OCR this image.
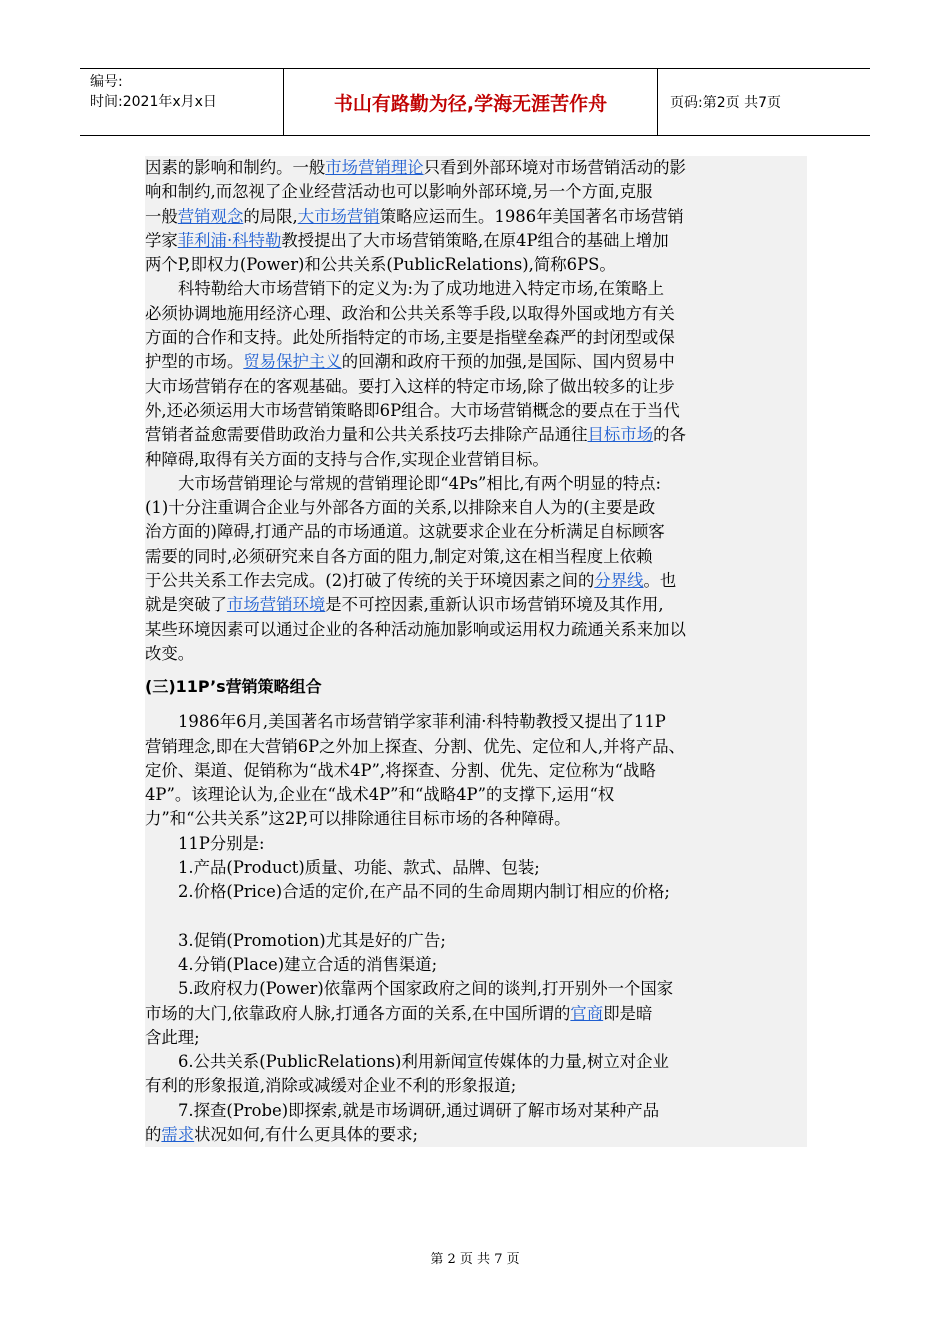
编号:
时间:2021年x月x日	书山有路勤为径,学海无涯苦作舟	页码:第2页 共7页
因素的影响和制约。一般市场营销理论只看到外部环境对市场营销活动的影
响和制约,而忽视了企业经营活动也可以影响外部环境,另一个方面,克服
一般营销观念的局限,大市场营销策略应运而生。1986年美国著名市场营销
学家菲利浦·科特勒教授提出了大市场营销策略,在原4P组合的基础上增加
两个P,即权力(Power)和公共关系(PublicRelations),简称6PS。
科特勒给大市场营销下的定义为:为了成功地进入特定市场,在策略上
必须协调地施用经济心理、政治和公共关系等手段,以取得外国或地方有关
方面的合作和支持。此处所指特定的市场,主要是指壁垒森严的封闭型或保
护型的市场。贸易保护主义的回潮和政府干预的加强,是国际、国内贸易中
大市场营销存在的客观基础。要打入这样的特定市场,除了做出较多的让步
外,还必须运用大市场营销策略即6P组合。大市场营销概念的要点在于当代
营销者益愈需要借助政治力量和公共关系技巧去排除产品通往目标市场的各
种障碍,取得有关方面的支持与合作,实现企业营销目标。
大市场营销理论与常规的营销理论即“4Ps”相比,有两个明显的特点:
(1)十分注重调合企业与外部各方面的关系,以排除来自人为的(主要是政
治方面的)障碍,打通产品的市场通道。这就要求企业在分析满足自标顾客
需要的同时,必须研究来自各方面的阻力,制定对策,这在相当程度上依赖
于公共关系工作去完成。(2)打破了传统的关于环境因素之间的分界线。也
就是突破了市场营销环境是不可控因素,重新认识市场营销环境及其作用,
某些环境因素可以通过企业的各种活动施加影响或运用权力疏通关系来加以
改变。
(三)11P’s营销策略组合
1986年6月,美国著名市场营销学家菲利浦·科特勒教授又提出了11P
营销理念,即在大营销6P之外加上探查、分割、优先、定位和人,并将产品、
定价、渠道、促销称为“战术4P”,将探查、分割、优先、定位称为“战略
4P”。该理论认为,企业在“战术4P”和“战略4P”的支撑下,运用“权
力”和“公共关系”这2P,可以排除通往目标市场的各种障碍。
11P分别是:
1.产品(Product)质量、功能、款式、品牌、包装;
2.价格(Price)合适的定价,在产品不同的生命周期内制订相应的价格;
3.促销(Promotion)尤其是好的广告;
4.分销(Place)建立合适的消售渠道;
5.政府权力(Power)依靠两个国家政府之间的谈判,打开别外一个国家
市场的大门,依靠政府人脉,打通各方面的关系,在中国所谓的官商即是暗
含此理;
6.公共关系(PublicRelations)利用新闻宣传媒体的力量,树立对企业
有利的形象报道,消除或减缓对企业不利的形象报道;
7.探查(Probe)即探索,就是市场调研,通过调研了解市场对某种产品
的需求状况如何,有什么更具体的要求;
第 2 页 共 7 页
